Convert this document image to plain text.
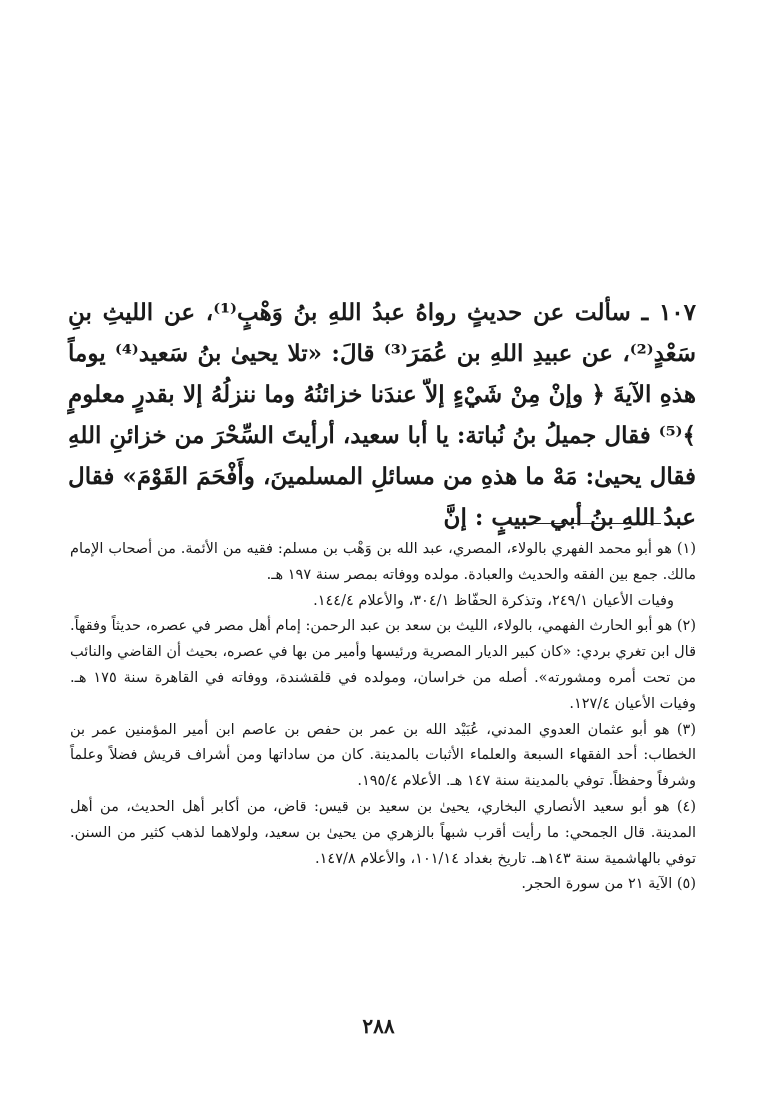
١٠٧ ـ سألت عن حديثٍ رواهُ عبدُ اللهِ بنُ وَهْبٍ⁽¹⁾، عن الليثِ بنِ سَعْدٍ⁽²⁾، عن عبيدِ اللهِ بن عُمَرَ⁽³⁾ قالَ: «تلا يحيىٰ بنُ سَعيد⁽⁴⁾ يوماً هذهِ الآيةَ ﴿ وإنْ مِنْ شَيْءٍ إلاّ عندَنا خزائنُهُ وما ننزلُهُ إلا بقدرٍ معلومٍ ﴾⁽⁵⁾ فقال جميلُ بنُ نُباتة: يا أبا سعيد، أرأيتَ السِّحْرَ من خزائنِ اللهِ فقال يحيىٰ: مَهْ ما هذهِ من مسائلِ المسلمينَ، وأَفْحَمَ القَوْمَ» فقال عبدُ اللهِ بنُ أبي حبيبٍ : إنَّ

(١) هو أبو محمد الفهري بالولاء، المصري، عبد الله بن وَهْب بن مسلم: فقيه من الأئمة. من أصحاب الإمام مالك. جمع بين الفقه والحديث والعبادة. مولده ووفاته بمصر سنة ١٩٧ هـ.

وفيات الأعيان ٢٤٩/١، وتذكرة الحفّاظ ٣٠٤/١، والأعلام ١٤٤/٤.

(٢) هو أبو الحارث الفهمي، بالولاء، الليث بن سعد بن عبد الرحمن: إمام أهل مصر في عصره، حديثاً وفقهاً. قال ابن تغري بردي: «كان كبير الديار المصرية ورئيسها وأمير من بها في عصره، بحيث أن القاضي والنائب من تحت أمره ومشورته». أصله من خراسان، ومولده في قلقشندة، ووفاته في القاهرة سنة ١٧٥ هـ. وفيات الأعيان ١٢٧/٤.

(٣) هو أبو عثمان العدوي المدني، عُبَيْد الله بن عمر بن حفص بن عاصم ابن أمير المؤمنين عمر بن الخطاب: أحد الفقهاء السبعة والعلماء الأثبات بالمدينة. كان من ساداتها ومن أشراف قريش فضلاً وعلماً وشرفاً وحفظاً. توفي بالمدينة سنة ١٤٧ هـ. الأعلام ١٩٥/٤.

(٤) هو أبو سعيد الأنصاري البخاري، يحيىٰ بن سعيد بن قيس: قاض، من أكابر أهل الحديث، من أهل المدينة. قال الجمحي: ما رأيت أقرب شبهاً بالزهري من يحيىٰ بن سعيد، ولولاهما لذهب كثير من السنن. توفي بالهاشمية سنة ١٤٣هـ. تاريخ بغداد ١٠١/١٤، والأعلام ١٤٧/٨.

(٥) الآية ٢١ من سورة الحجر.

٢٨٨
